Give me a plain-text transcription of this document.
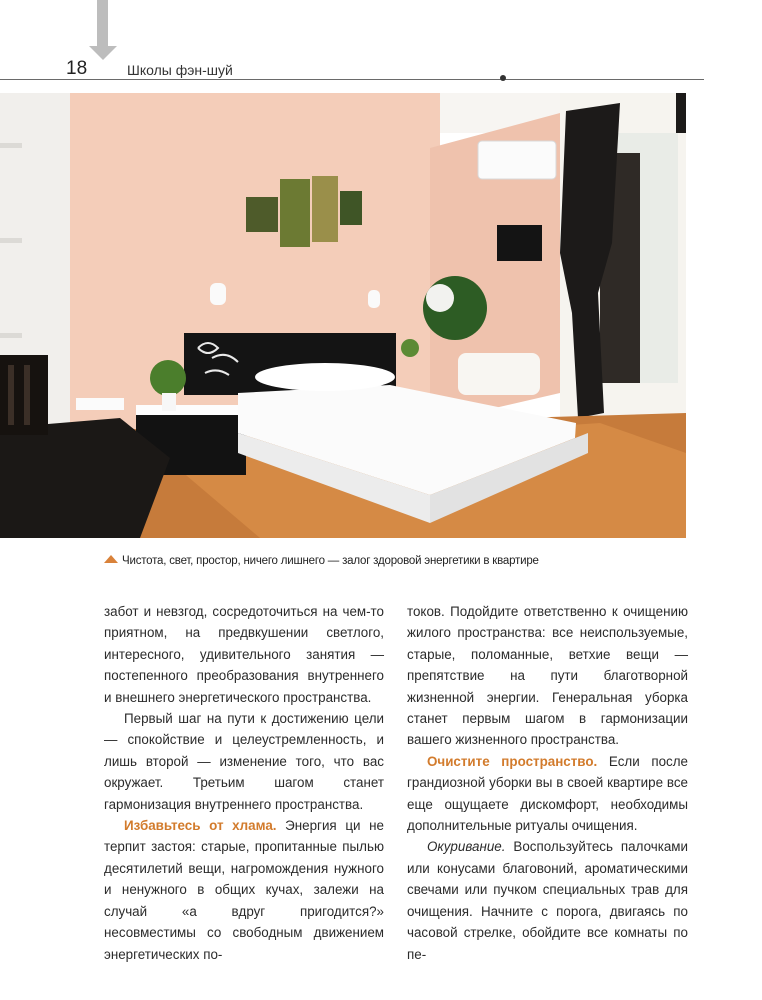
18	Школы фэн-шуй
Чистота, свет, простор, ничего лишнего — залог здоровой энергетики в квартире

забот и невзгод, сосредоточиться на чем-то приятном, на предвкушении светлого, интересного, удивительного занятия — постепенного преобразования внутреннего и внешнего энергетического пространства.

Первый шаг на пути к достижению цели — спокойствие и целеустремленность, и лишь второй — изменение того, что вас окружает. Третьим шагом станет гармонизация внутреннего пространства.

Избавьтесь от хлама. Энергия ци не терпит застоя: старые, пропитанные пылью десятилетий вещи, нагромождения нужного и ненужного в общих кучах, залежи на случай «а вдруг пригодится?» несовместимы со свободным движением энергетических по-

токов. Подойдите ответственно к очищению жилого пространства: все неиспользуемые, старые, поломанные, ветхие вещи — препятствие на пути благотворной жизненной энергии. Генеральная уборка станет первым шагом в гармонизации вашего жизненного пространства.

Очистите пространство. Если после грандиозной уборки вы в своей квартире все еще ощущаете дискомфорт, необходимы дополнительные ритуалы очищения.

Окуривание. Воспользуйтесь палочками или конусами благовоний, ароматическими свечами или пучком специальных трав для очищения. Начните с порога, двигаясь по часовой стрелке, обойдите все комнаты по пе-
